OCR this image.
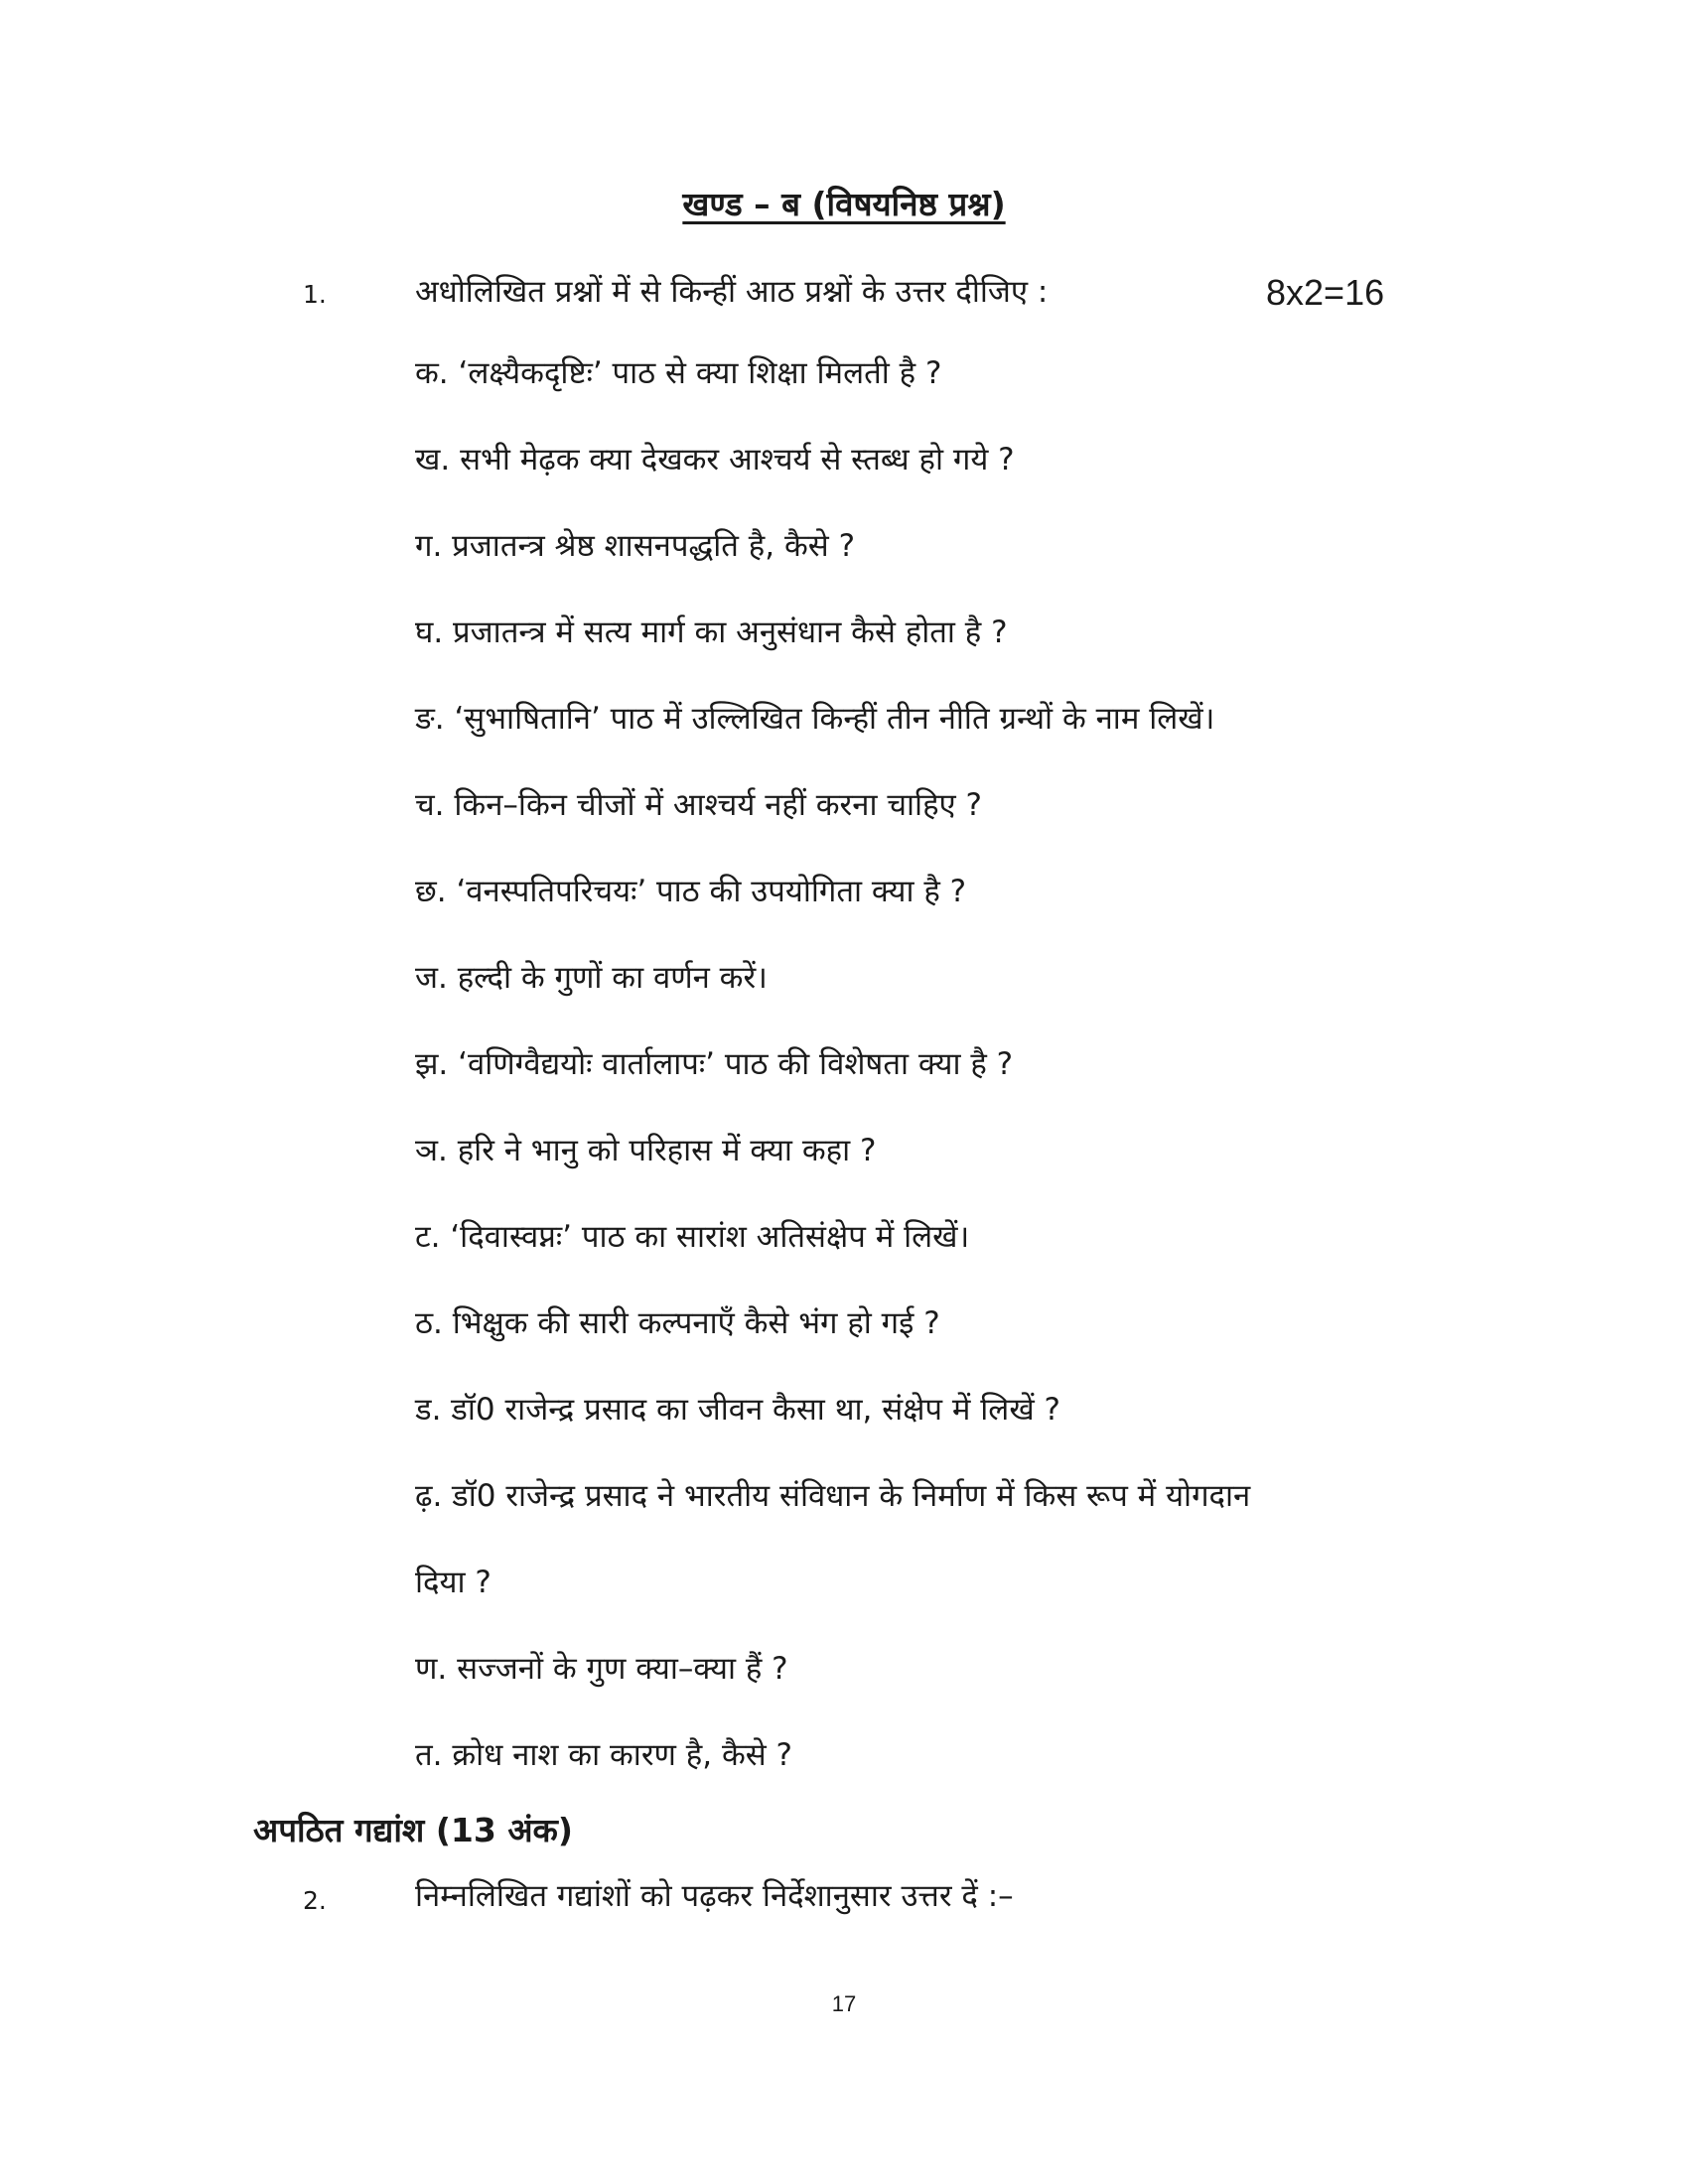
खण्ड – ब (विषयनिष्ठ प्रश्न)
1.	अधोलिखित प्रश्नों में से किन्हीं आठ प्रश्नों के उत्तर दीजिए :	8x2=16
क. ‘लक्ष्यैकदृष्टिः’ पाठ से क्या शिक्षा मिलती है ?
ख. सभी मेढ़क क्या देखकर आश्चर्य से स्तब्ध हो गये ?
ग. प्रजातन्त्र श्रेष्ठ शासनपद्धति है, कैसे ?
घ. प्रजातन्त्र में सत्य मार्ग का अनुसंधान कैसे होता है ?
ङ. ‘सुभाषितानि’ पाठ में उल्लिखित किन्हीं तीन नीति ग्रन्थों के नाम लिखें।
च. किन–किन चीजों में आश्चर्य नहीं करना चाहिए ?
छ. ‘वनस्पतिपरिचयः’ पाठ की उपयोगिता क्या है ?
ज. हल्दी के गुणों का वर्णन करें।
झ. ‘वणिग्वैद्ययोः वार्तालापः’ पाठ की विशेषता क्या है ?
ञ. हरि ने भानु को परिहास में क्या कहा ?
ट. ‘दिवास्वप्नः’ पाठ का सारांश अतिसंक्षेप में लिखें।
ठ. भिक्षुक की सारी कल्पनाएँ कैसे भंग हो गई ?
ड. डॉ0 राजेन्द्र प्रसाद का जीवन कैसा था, संक्षेप में लिखें ?
ढ़. डॉ0 राजेन्द्र प्रसाद ने भारतीय संविधान के निर्माण में किस रूप में योगदान
दिया ?
ण. सज्जनों के गुण क्या–क्या हैं ?
त. क्रोध नाश का कारण है, कैसे ?
अपठित गद्यांश (13 अंक)
2.	निम्नलिखित गद्यांशों को पढ़कर निर्देशानुसार उत्तर दें :–
17
